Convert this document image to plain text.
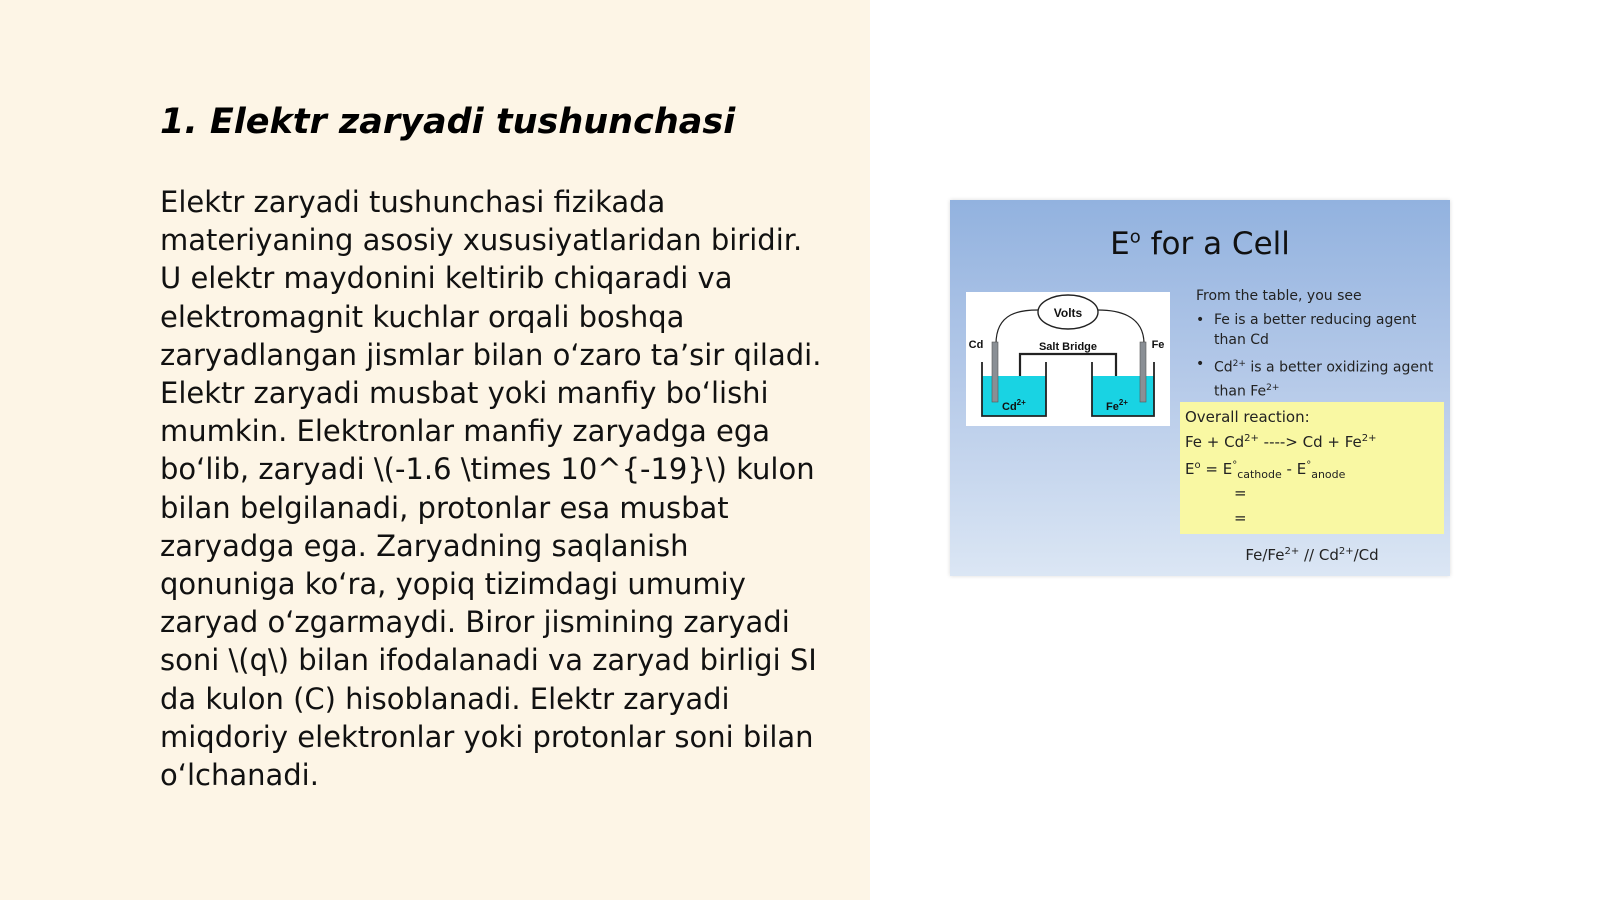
1. Elektr zaryadi tushunchasi

Elektr zaryadi tushunchasi fizikada
materiyaning asosiy xususiyatlaridan biridir.
U elektr maydonini keltirib chiqaradi va
elektromagnit kuchlar orqali boshqa
zaryadlangan jismlar bilan o‘zaro ta’sir qiladi.
Elektr zaryadi musbat yoki manfiy bo‘lishi
mumkin. Elektronlar manfiy zaryadga ega
bo‘lib, zaryadi \(-1.6 \times 10^{-19}\) kulon
bilan belgilanadi, protonlar esa musbat
zaryadga ega. Zaryadning saqlanish
qonuniga ko‘ra, yopiq tizimdagi umumiy
zaryad o‘zgarmaydi. Biror jismining zaryadi
soni \(q\) bilan ifodalanadi va zaryad birligi SI
da kulon (C) hisoblanadi. Elektr zaryadi
miqdoriy elektronlar yoki protonlar soni bilan
o‘lchanadi.

$E^o$ for a Cell
Volts
Salt Bridge
Cd	Fe
$Cd^{2+}$	$Fe^{2+}$
From the table, you see
• Fe is a better reducing agent
than Cd
• $Cd^{2+}$ is a better oxidizing agent
than $Fe^{2+}$
Overall reaction:
$Fe + Cd^{2+}$ ----> $Cd + Fe^{2+}$
$E^o = E^\circ_{cathode} - E^\circ_{anode}$
=
=
$Fe/Fe^{2+} // Cd^{2+}/Cd$
